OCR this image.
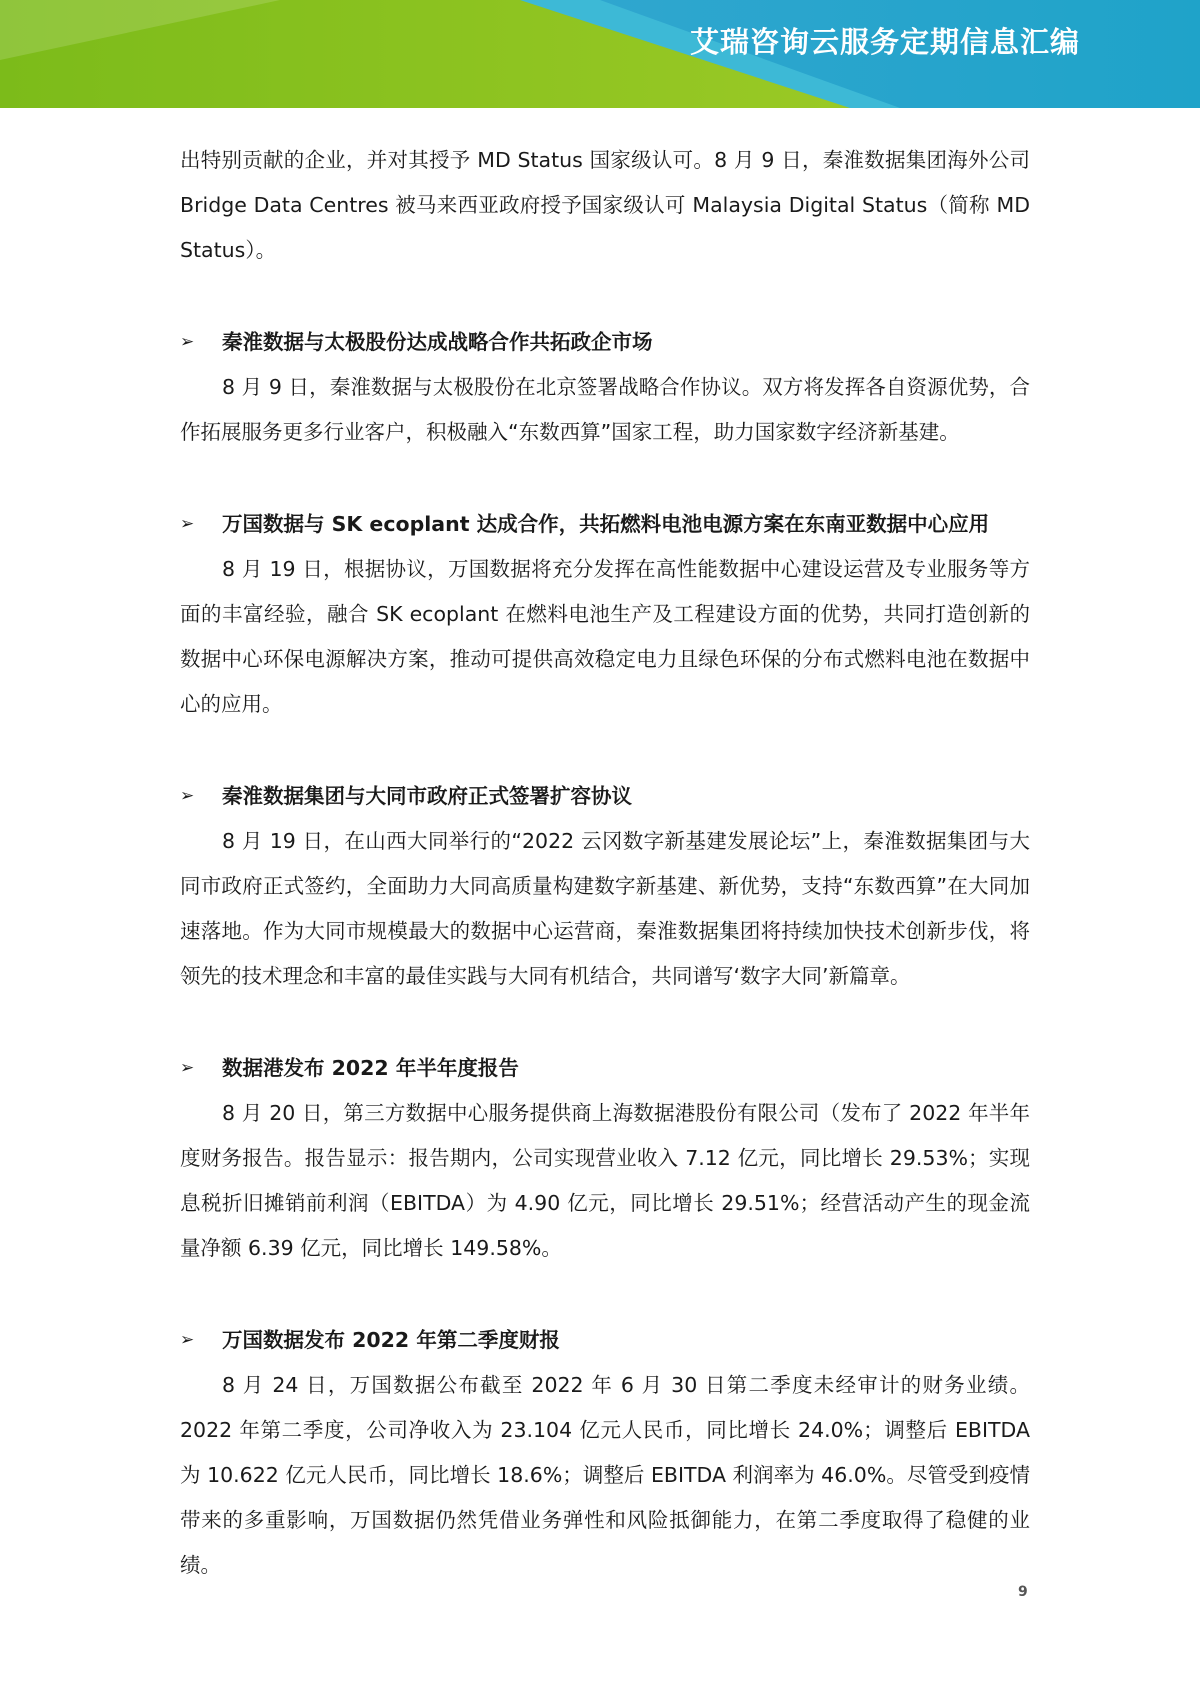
艾瑞咨询云服务定期信息汇编

出特别贡献的企业，并对其授予 MD Status 国家级认可。8 月 9 日，秦淮数据集团海外公司 Bridge Data Centres 被马来西亚政府授予国家级认可 Malaysia Digital Status（简称 MD Status）。

➢	秦淮数据与太极股份达成战略合作共拓政企市场

8 月 9 日，秦淮数据与太极股份在北京签署战略合作协议。双方将发挥各自资源优势，合作拓展服务更多行业客户，积极融入“东数西算”国家工程，助力国家数字经济新基建。

➢	万国数据与 SK ecoplant 达成合作，共拓燃料电池电源方案在东南亚数据中心应用

8 月 19 日，根据协议，万国数据将充分发挥在高性能数据中心建设运营及专业服务等方面的丰富经验，融合 SK ecoplant 在燃料电池生产及工程建设方面的优势，共同打造创新的数据中心环保电源解决方案，推动可提供高效稳定电力且绿色环保的分布式燃料电池在数据中心的应用。

➢	秦淮数据集团与大同市政府正式签署扩容协议

8 月 19 日，在山西大同举行的“2022 云冈数字新基建发展论坛”上，秦淮数据集团与大同市政府正式签约，全面助力大同高质量构建数字新基建、新优势，支持“东数西算”在大同加速落地。作为大同市规模最大的数据中心运营商，秦淮数据集团将持续加快技术创新步伐，将领先的技术理念和丰富的最佳实践与大同有机结合，共同谱写‘数字大同’新篇章。

➢	数据港发布 2022 年半年度报告

8 月 20 日，第三方数据中心服务提供商上海数据港股份有限公司（发布了 2022 年半年度财务报告。报告显示：报告期内，公司实现营业收入 7.12 亿元，同比增长 29.53%；实现息税折旧摊销前利润（EBITDA）为 4.90 亿元，同比增长 29.51%；经营活动产生的现金流量净额 6.39 亿元，同比增长 149.58%。

➢	万国数据发布 2022 年第二季度财报

8 月 24 日，万国数据公布截至 2022 年 6 月 30 日第二季度未经审计的财务业绩。2022 年第二季度，公司净收入为 23.104 亿元人民币，同比增长 24.0%；调整后 EBITDA 为 10.622 亿元人民币，同比增长 18.6%；调整后 EBITDA 利润率为 46.0%。尽管受到疫情带来的多重影响，万国数据仍然凭借业务弹性和风险抵御能力，在第二季度取得了稳健的业绩。

9
